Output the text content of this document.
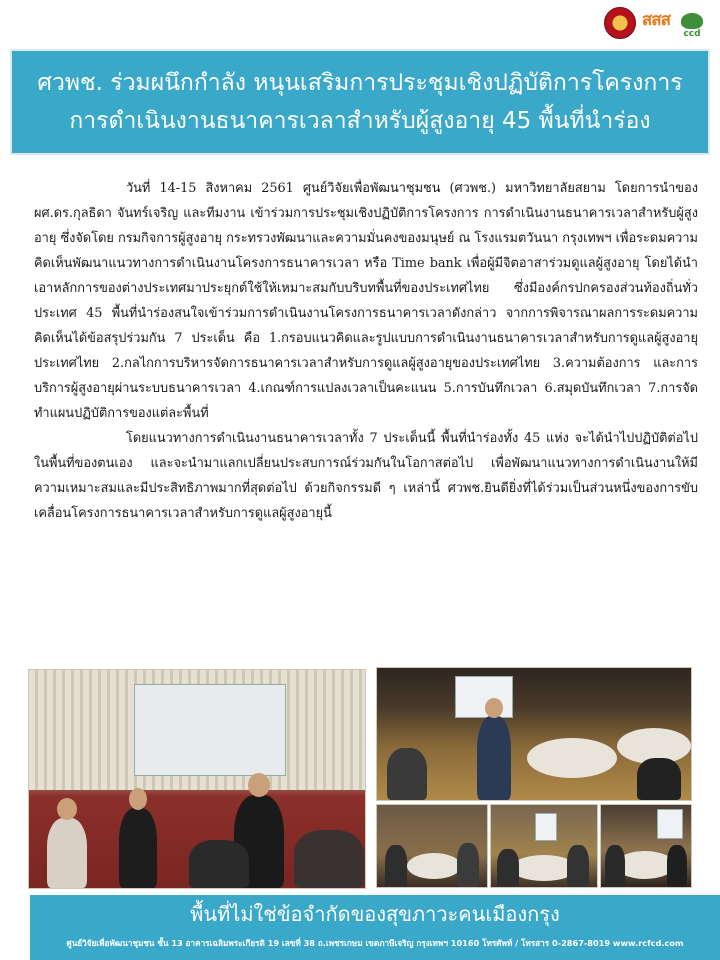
สสส

ccd
ศวพช. ร่วมผนึกกำลัง หนุนเสริมการประชุมเชิงปฏิบัติการโครงการ
การดำเนินงานธนาคารเวลาสำหรับผู้สูงอายุ 45 พื้นที่นำร่อง

วันที่ 14-15 สิงหาคม 2561 ศูนย์วิจัยเพื่อพัฒนาชุมชน (ศวพช.) มหาวิทยาลัยสยาม โดยการนำของ ผศ.ดร.กุลธิดา จันทร์เจริญ และทีมงาน เข้าร่วมการประชุมเชิงปฏิบัติการโครงการ การดำเนินงานธนาคารเวลาสำหรับผู้สูงอายุ ซึ่งจัดโดย กรมกิจการผู้สูงอายุ กระทรวงพัฒนาและความมั่นคงของมนุษย์ ณ โรงแรมตวันนา กรุงเทพฯ เพื่อระดมความคิดเห็นพัฒนาแนวทางการดำเนินงานโครงการธนาคารเวลา หรือ Time bank เพื่อผู้มีจิตอาสาร่วมดูแลผู้สูงอายุ โดยได้นำเอาหลักการของต่างประเทศมาประยุกต์ใช้ให้เหมาะสมกับบริบทพื้นที่ของประเทศไทย ซึ่งมีองค์กรปกครองส่วนท้องถิ่นทั่วประเทศ 45 พื้นที่นำร่องสนใจเข้าร่วมการดำเนินงานโครงการธนาคารเวลาดังกล่าว จากการพิจารณาผลการระดมความคิดเห็นได้ข้อสรุปร่วมกัน 7 ประเด็น คือ 1.กรอบแนวคิดและรูปแบบการดำเนินงานธนาคารเวลาสำหรับการดูแลผู้สูงอายุประเทศไทย 2.กลไกการบริหารจัดการธนาคารเวลาสำหรับการดูแลผู้สูงอายุของประเทศไทย 3.ความต้องการ และการบริการผู้สูงอายุผ่านระบบธนาคารเวลา 4.เกณฑ์การแปลงเวลาเป็นคะแนน 5.การบันทึกเวลา 6.สมุดบันทึกเวลา 7.การจัดทำแผนปฏิบัติการของแต่ละพื้นที่

โดยแนวทางการดำเนินงานธนาคารเวลาทั้ง 7 ประเด็นนี้ พื้นที่นำร่องทั้ง 45 แห่ง จะได้นำไปปฏิบัติต่อไปในพื้นที่ของตนเอง และจะนำมาแลกเปลี่ยนประสบการณ์ร่วมกันในโอกาสต่อไป เพื่อพัฒนาแนวทางการดำเนินงานให้มีความเหมาะสมและมีประสิทธิภาพมากที่สุดต่อไป ด้วยกิจกรรมดี ๆ เหล่านี้ ศวพช.ยินดียิ่งที่ได้ร่วมเป็นส่วนหนึ่งของการขับเคลื่อนโครงการธนาคารเวลาสำหรับการดูแลผู้สูงอายุนี้

พื้นที่ไม่ใช่ข้อจำกัดของสุขภาวะคนเมืองกรุง
ศูนย์วิจัยเพื่อพัฒนาชุมชน ชั้น 13 อาคารเฉลิมพระเกียรติ 19 เลขที่ 38 ถ.เพชรเกษม เขตภาษีเจริญ กรุงเทพฯ 10160 โทรศัพท์ / โทรสาร 0-2867-8019 www.rcfcd.com
